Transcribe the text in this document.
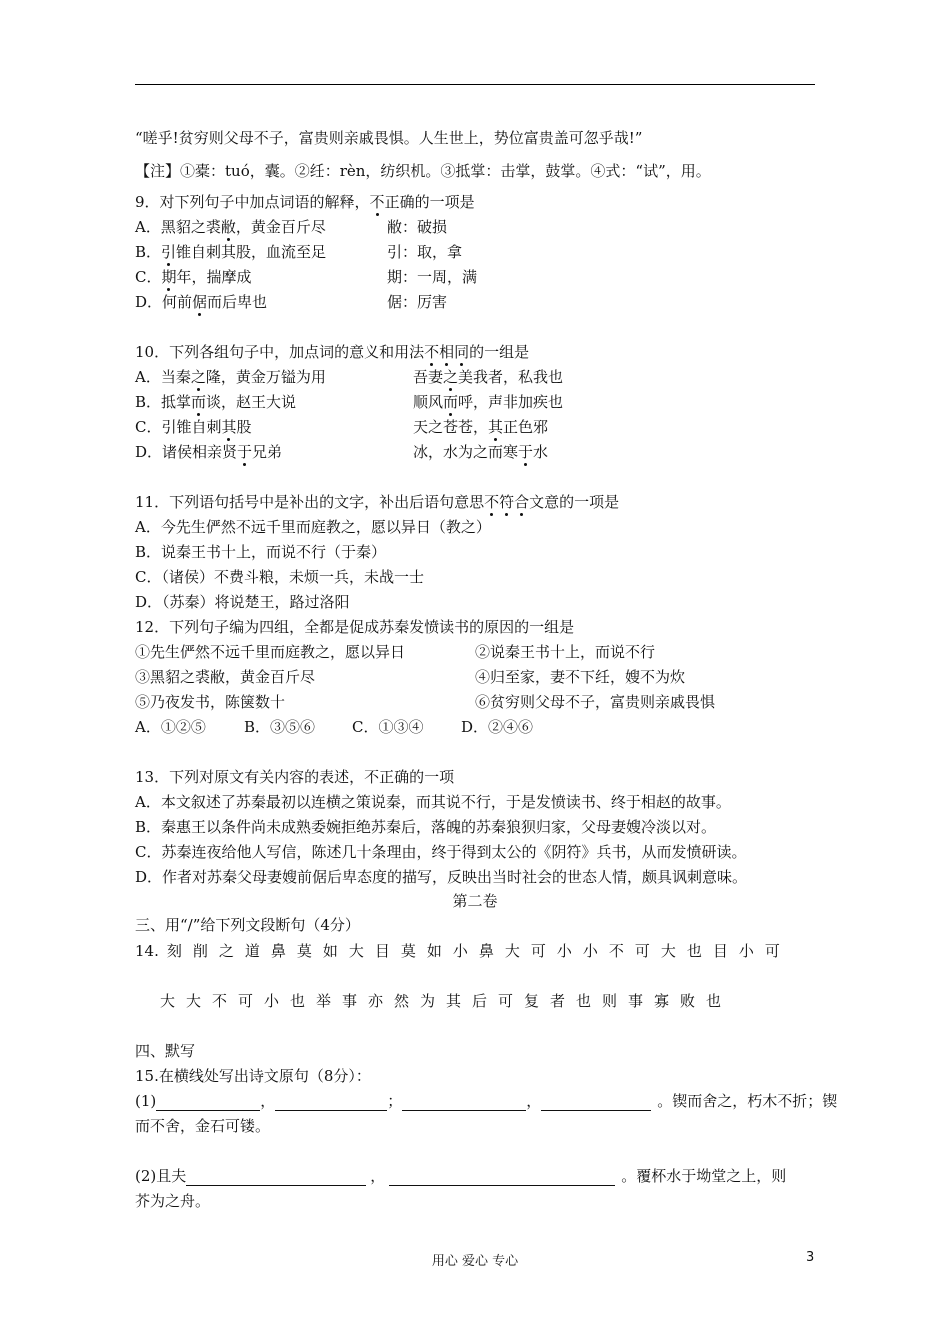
“嗟乎!贫穷则父母不子，富贵则亲戚畏惧。人生世上，势位富贵盖可忽乎哉!”
【注】①橐：tuó，囊。②纴：rèn，纺织机。③抵掌：击掌，鼓掌。④式：“试”，用。
9．对下列句子中加点词语的解释，不正确的一项是
A．黑貂之裘敝，黄金百斤尽	敝：破损
B．引锥自刺其股，血流至足	引：取，拿
C．期年，揣摩成	期：一周，满
D．何前倨而后卑也	倨：厉害
10．下列各组句子中，加点词的意义和用法不相同的一组是
A．当秦之隆，黄金万镒为用	吾妻之美我者，私我也
B．抵掌而谈，赵王大说	顺风而呼，声非加疾也
C．引锥自刺其股	天之苍苍，其正色邪
D．诸侯相亲贤于兄弟	冰，水为之而寒于水
11．下列语句括号中是补出的文字，补出后语句意思不符合文意的一项是
A．今先生俨然不远千里而庭教之，愿以异日（教之）
B．说秦王书十上，而说不行（于秦）
C．（诸侯）不费斗粮，未烦一兵，未战一士
D．（苏秦）将说楚王，路过洛阳
12．下列句子编为四组，全都是促成苏秦发愤读书的原因的一组是
①先生俨然不远千里而庭教之，愿以异日	②说秦王书十上，而说不行
③黑貂之裘敝，黄金百斤尽	④归至家，妻不下纴，嫂不为炊
⑤乃夜发书，陈箧数十	⑥贫穷则父母不子，富贵则亲戚畏惧
A．①②⑤	B．③⑤⑥ C．①③④	D．②④⑥
13．下列对原文有关内容的表述，不正确的一项
A．本文叙述了苏秦最初以连横之策说秦，而其说不行，于是发愤读书、终于相赵的故事。
B．秦惠王以条件尚未成熟委婉拒绝苏秦后，落魄的苏秦狼狈归家，父母妻嫂冷淡以对。
C．苏秦连夜给他人写信，陈述几十条理由，终于得到太公的《阴符》兵书，从而发愤研读。
D．作者对苏秦父母妻嫂前倨后卑态度的描写，反映出当时社会的世态人情，颇具讽刺意味。
第二卷
三、用“/”给下列文段断句（4分）
14. 刻削之道鼻莫如大目莫如小鼻大可小小不可大也目小可
大大不可小也举事亦然为其后可复者也则事寡败也
四、默写
15.在横线处写出诗文原句（8分）：
(1)	，	；	，	。锲而舍之，朽木不折；锲
而不舍，金石可镂。
(2)且夫	，	。覆杯水于坳堂之上，则
芥为之舟。
用心 爱心 专心	3
